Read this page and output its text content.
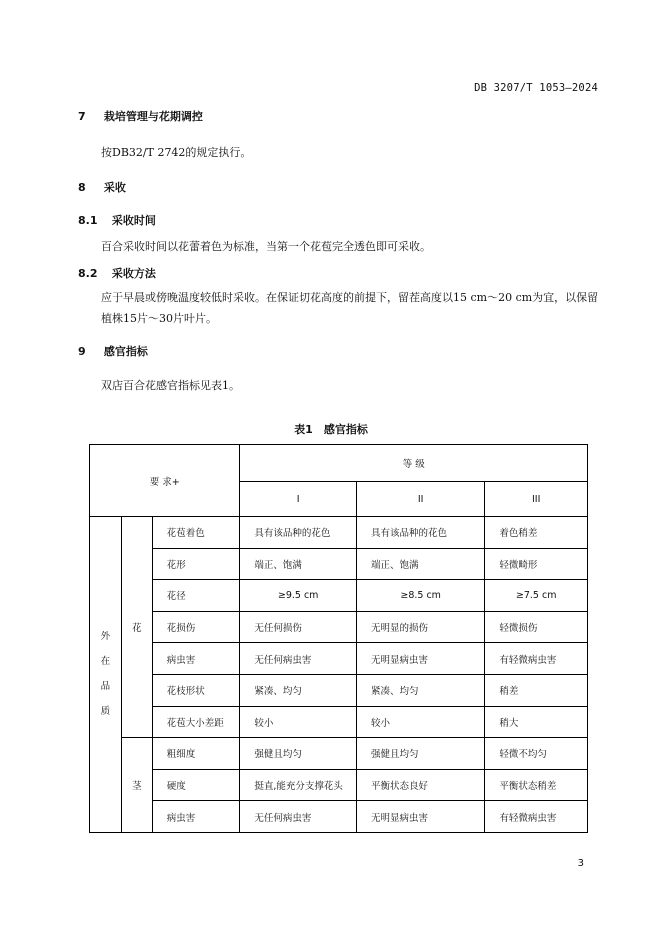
DB 3207/T 1053—2024
7 栽培管理与花期调控
按DB32/T 2742的规定执行。
8 采收
8.1 采收时间
百合采收时间以花蕾着色为标准，当第一个花苞完全透色即可采收。
8.2 采收方法
应于早晨或傍晚温度较低时采收。在保证切花高度的前提下，留茬高度以15 cm～20 cm为宜，以保留植株15片～30片叶片。
9 感官指标
双店百合花感官指标见表1。
表1　感官指标
要 求+			等 级		
			I	II	III
外
在
品
质	花	花苞着色	具有该品种的花色	具有该品种的花色	着色稍差
		花形	端正、饱满	端正、饱满	轻微畸形
		花径	≥9.5 cm	≥8.5 cm	≥7.5 cm
		花损伤	无任何损伤	无明显的损伤	轻微损伤
		病虫害	无任何病虫害	无明显病虫害	有轻微病虫害
		花枝形状	紧凑、均匀	紧凑、均匀	稍差
		花苞大小差距	较小	较小	稍大
	茎	粗细度	强健且均匀	强健且均匀	轻微不均匀
		硬度	挺直,能充分支撑花头	平衡状态良好	平衡状态稍差
		病虫害	无任何病虫害	无明显病虫害	有轻微病虫害
3
